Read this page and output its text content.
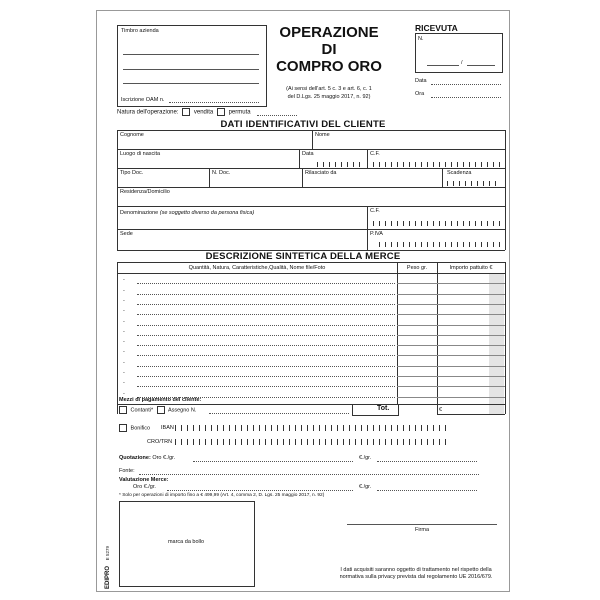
Timbro azienda
Iscrizione OAM n.
OPERAZIONE
DI
COMPRO ORO
(Ai sensi dell'art. 5 c. 3 e art. 6, c. 1
del D.Lgs. 25 maggio 2017, n. 92)
RICEVUTA
N.
/
Data
Ora
Natura dell'operazione:	vendita	permuta
DATI IDENTIFICATIVI DEL CLIENTE
Cognome	Nome
Luogo di nascita	Data	C.F.
Tipo Doc.	N. Doc.	Rilasciato da	Scadenza
Residenza/Domicilio
Denominazione (se soggetto diverso da persona fisica)	C.F.
Sede	P.IVA
DESCRIZIONE SINTETICA DELLA MERCE
Quantità, Natura, Caratteristiche,Qualità, Nome file/Foto	Peso gr.	Importo pattuito €
-
-
-
-
-
-
-
-
-
-
-
-
Tot.	€
Mezzi di pagamento del cliente:
Contanti*	Assegno N.
Bonifico IBAN
CRO/TRN
Quotazione: Oro €./gr.	€./gr.
Fonte:
Valutazione Merce:
Oro €./gr.	€./gr.
* Solo per operazioni di importo fino a € 499,99 (Art. 4, comma 2, D. Lgs. 25 maggio 2017, n. 92)
marca da bollo
Firma
I dati acquisiti saranno oggetto di trattamento nel rispetto della
normativa sulla privacy prevista dal regolamento UE 2016/679.
EDIPRO E 5279
